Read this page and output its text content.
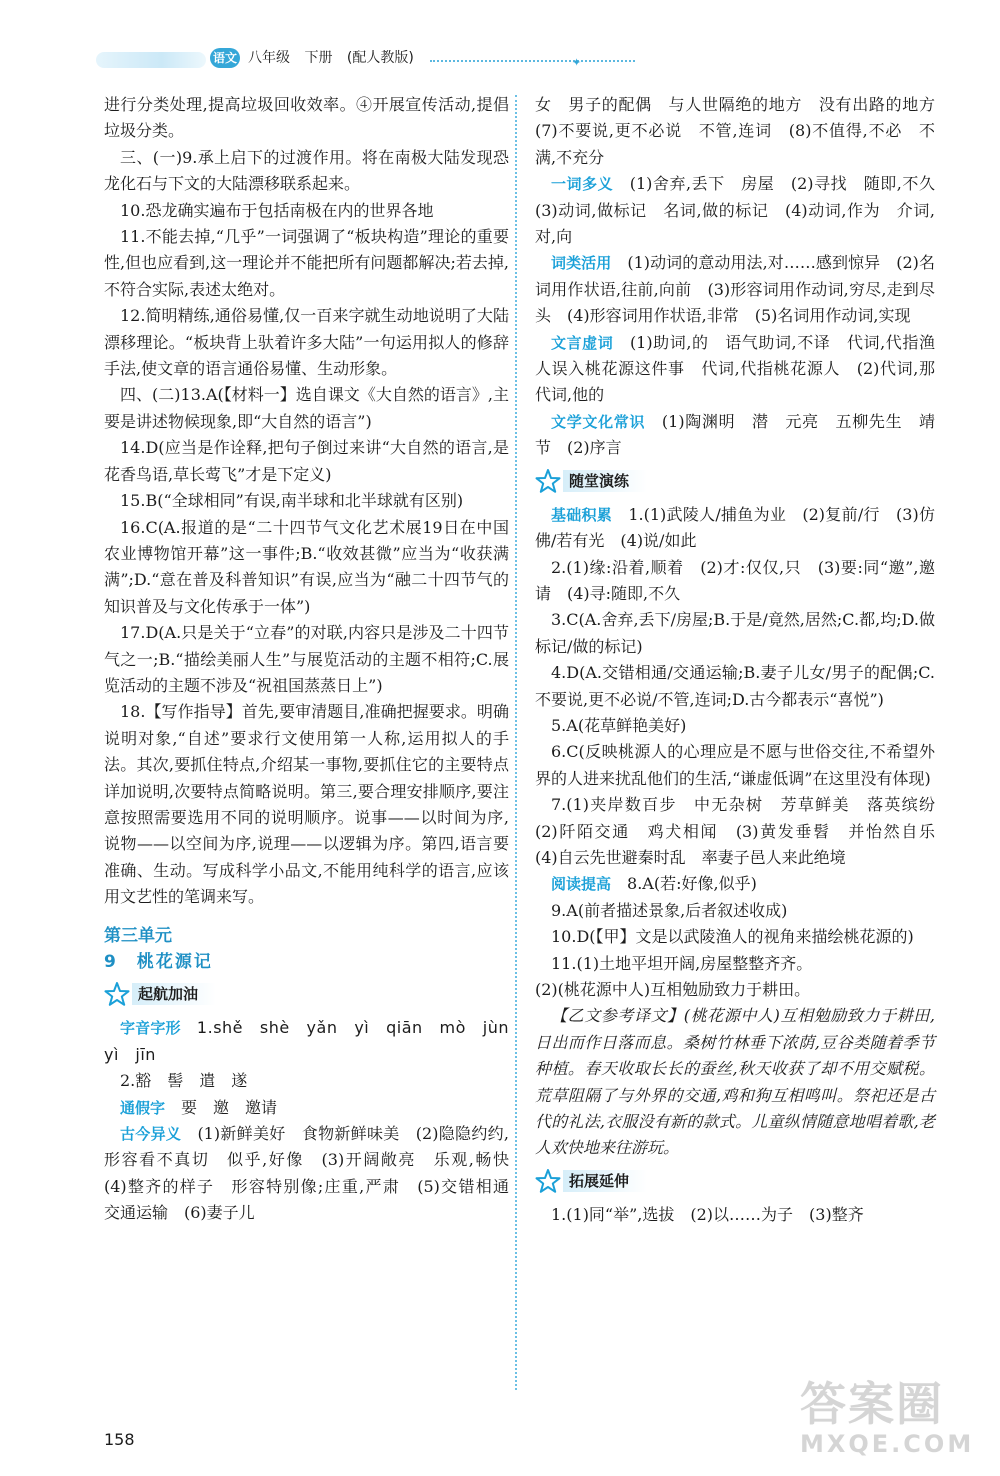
语文 八年级 下册 (配人教版)	✦

进行分类处理,提高垃圾回收效率。④开展宣传活动,提倡垃圾分类。

三、(一)9.承上启下的过渡作用。将在南极大陆发现恐龙化石与下文的大陆漂移联系起来。

10.恐龙确实遍布于包括南极在内的世界各地

11.不能去掉,“几乎”一词强调了“板块构造”理论的重要性,但也应看到,这一理论并不能把所有问题都解决;若去掉,不符合实际,表述太绝对。

12.简明精练,通俗易懂,仅一百来字就生动地说明了大陆漂移理论。“板块背上驮着许多大陆”一句运用拟人的修辞手法,使文章的语言通俗易懂、生动形象。

四、(二)13.A(【材料一】选自课文《大自然的语言》,主要是讲述物候现象,即“大自然的语言”)

14.D(应当是作诠释,把句子倒过来讲“大自然的语言,是花香鸟语,草长莺飞”才是下定义)

15.B(“全球相同”有误,南半球和北半球就有区别)

16.C(A.报道的是“二十四节气文化艺术展19日在中国农业博物馆开幕”这一事件;B.“收效甚微”应当为“收获满满”;D.“意在普及科普知识”有误,应当为“融二十四节气的知识普及与文化传承于一体”)

17.D(A.只是关于“立春”的对联,内容只是涉及二十四节气之一;B.“描绘美丽人生”与展览活动的主题不相符;C.展览活动的主题不涉及“祝祖国蒸蒸日上”)

18.【写作指导】首先,要审清题目,准确把握要求。明确说明对象,“自述”要求行文使用第一人称,运用拟人的手法。其次,要抓住特点,介绍某一事物,要抓住它的主要特点详加说明,次要特点简略说明。第三,要合理安排顺序,要注意按照需要选用不同的说明顺序。说事——以时间为序,说物——以空间为序,说理——以逻辑为序。第四,语言要准确、生动。写成科学小品文,不能用纯科学的语言,应该用文艺性的笔调来写。

第三单元

9　桃花源记

起航加油

字音字形　 1.shě　shè　yǎn　yì　qiān　mò　jùn　yì　jīn

2.豁　髻　遣　遂

通假字　 要　邀　邀请

古今异义　 (1)新鲜美好　食物新鲜味美　(2)隐隐约约,形容看不真切　似乎,好像　(3)开阔敞亮　乐观,畅快　(4)整齐的样子　形容特别像;庄重,严肃　(5)交错相通　交通运输　(6)妻子儿

女　男子的配偶　与人世隔绝的地方　没有出路的地方　(7)不要说,更不必说　不管,连词　(8)不值得,不必　不满,不充分

一词多义　 (1)舍弃,丢下　房屋　(2)寻找　随即,不久　(3)动词,做标记　名词,做的标记　(4)动词,作为　介词,对,向

词类活用　 (1)动词的意动用法,对……感到惊异　(2)名词用作状语,往前,向前　(3)形容词用作动词,穷尽,走到尽头　(4)形容词用作状语,非常　(5)名词用作动词,实现

文言虚词　 (1)助词,的　语气助词,不译　代词,代指渔人误入桃花源这件事　代词,代指桃花源人　(2)代词,那　代词,他的

文学文化常识　 (1)陶渊明　潜　元亮　五柳先生　靖节　(2)序言

随堂演练

基础积累　 1.(1)武陵人/捕鱼为业　(2)复前/行　(3)仿佛/若有光　(4)说/如此

2.(1)缘:沿着,顺着　(2)才:仅仅,只　(3)要:同“邀”,邀请　(4)寻:随即,不久

3.C(A.舍弃,丢下/房屋;B.于是/竟然,居然;C.都,均;D.做标记/做的标记)

4.D(A.交错相通/交通运输;B.妻子儿女/男子的配偶;C.不要说,更不必说/不管,连词;D.古今都表示“喜悦”)

5.A(花草鲜艳美好)

6.C(反映桃源人的心理应是不愿与世俗交往,不希望外界的人进来扰乱他们的生活,“谦虚低调”在这里没有体现)

7.(1)夹岸数百步　中无杂树　芳草鲜美　落英缤纷　(2)阡陌交通　鸡犬相闻　(3)黄发垂髫　并怡然自乐　(4)自云先世避秦时乱　率妻子邑人来此绝境

阅读提高　 8.A(若:好像,似乎)

9.A(前者描述景象,后者叙述收成)

10.D(【甲】文是以武陵渔人的视角来描绘桃花源的)

11.(1)土地平坦开阔,房屋整整齐齐。

(2)(桃花源中人)互相勉励致力于耕田。

【乙文参考译文】(桃花源中人)互相勉励致力于耕田,日出而作日落而息。桑树竹林垂下浓荫,豆谷类随着季节种植。春天收取长长的蚕丝,秋天收获了却不用交赋税。荒草阻隔了与外界的交通,鸡和狗互相鸣叫。祭祀还是古代的礼法,衣服没有新的款式。儿童纵情随意地唱着歌,老人欢快地来往游玩。

拓展延伸

1.(1)同“举”,选拔　(2)以……为子　(3)整齐

158
答案圈
MXQE.COM
